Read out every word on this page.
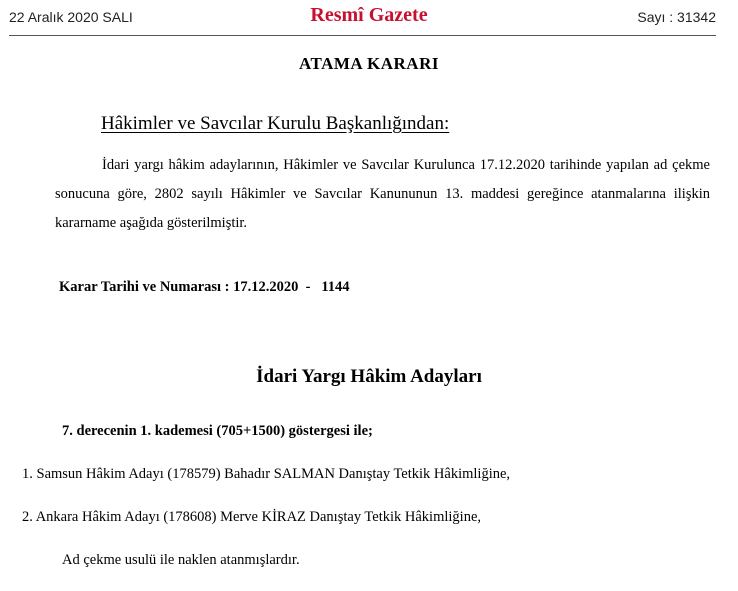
22 Aralık 2020 SALI	Resmî Gazete	Sayı : 31342
ATAMA KARARI
Hâkimler ve Savcılar Kurulu Başkanlığından:
İdari yargı hâkim adaylarının, Hâkimler ve Savcılar Kurulunca 17.12.2020 tarihinde yapılan ad çekme sonucuna göre, 2802 sayılı Hâkimler ve Savcılar Kanununun 13. maddesi gereğince atanmalarına ilişkin kararname aşağıda gösterilmiştir.
Karar Tarihi ve Numarası : 17.12.2020  -   1144
İdari Yargı Hâkim Adayları
7. derecenin 1. kademesi (705+1500) göstergesi ile;
1. Samsun Hâkim Adayı (178579) Bahadır SALMAN Danıştay Tetkik Hâkimliğine,
2. Ankara Hâkim Adayı (178608) Merve KİRAZ Danıştay Tetkik Hâkimliğine,
Ad çekme usulü ile naklen atanmışlardır.
